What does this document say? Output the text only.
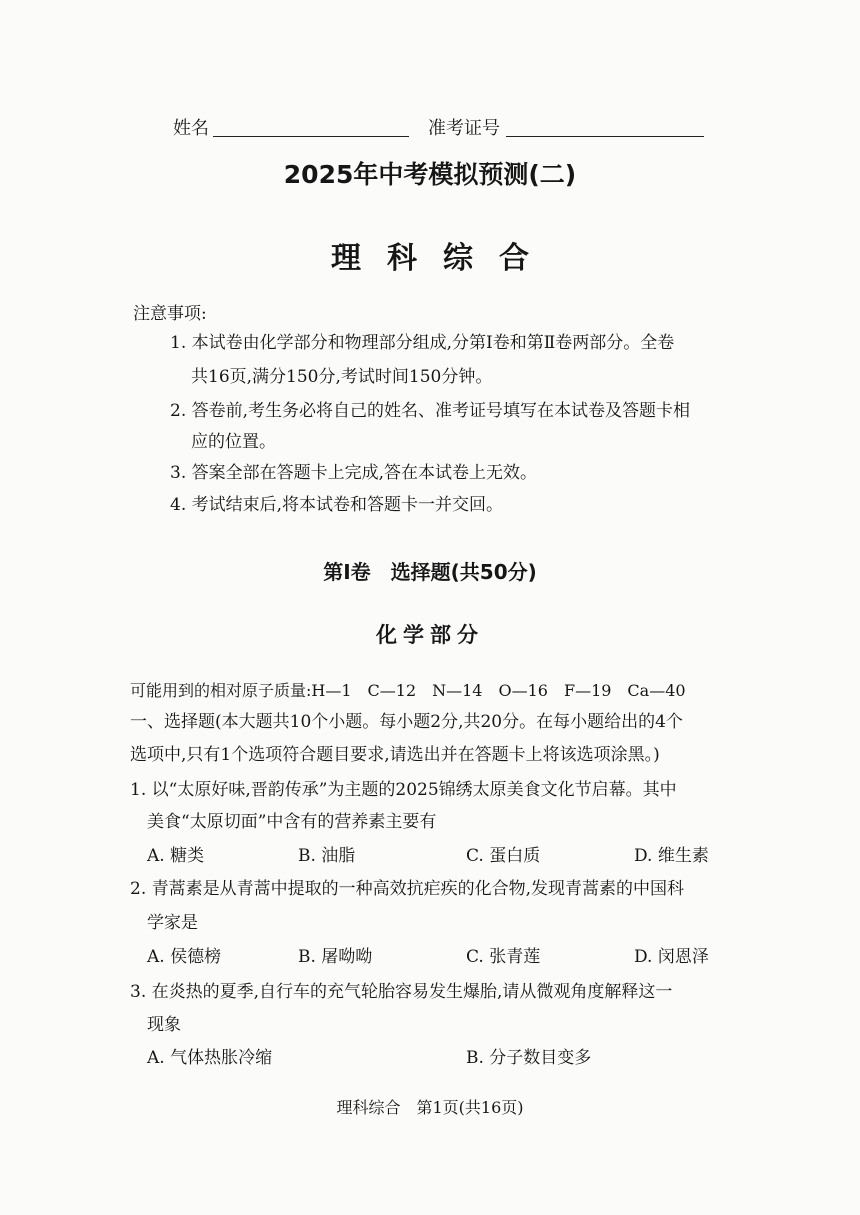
姓名	准考证号
2025年中考模拟预测(二)
理科综合
注意事项:
1. 本试卷由化学部分和物理部分组成,分第Ⅰ卷和第Ⅱ卷两部分。全卷
共16页,满分150分,考试时间150分钟。
2. 答卷前,考生务必将自己的姓名、准考证号填写在本试卷及答题卡相
应的位置。
3. 答案全部在答题卡上完成,答在本试卷上无效。
4. 考试结束后,将本试卷和答题卡一并交回。
第Ⅰ卷　选择题(共50分)
化学部分
可能用到的相对原子质量:H—1　C—12　N—14　O—16　F—19　Ca—40
一、选择题(本大题共10个小题。每小题2分,共20分。在每小题给出的4个
选项中,只有1个选项符合题目要求,请选出并在答题卡上将该选项涂黑。)
1. 以“太原好味,晋韵传承”为主题的2025锦绣太原美食文化节启幕。其中
美食“太原切面”中含有的营养素主要有
A. 糖类	B. 油脂	C. 蛋白质	D. 维生素
2. 青蒿素是从青蒿中提取的一种高效抗疟疾的化合物,发现青蒿素的中国科
学家是
A. 侯德榜	B. 屠呦呦	C. 张青莲	D. 闵恩泽
3. 在炎热的夏季,自行车的充气轮胎容易发生爆胎,请从微观角度解释这一
现象
A. 气体热胀冷缩	B. 分子数目变多
理科综合　第1页(共16页)
